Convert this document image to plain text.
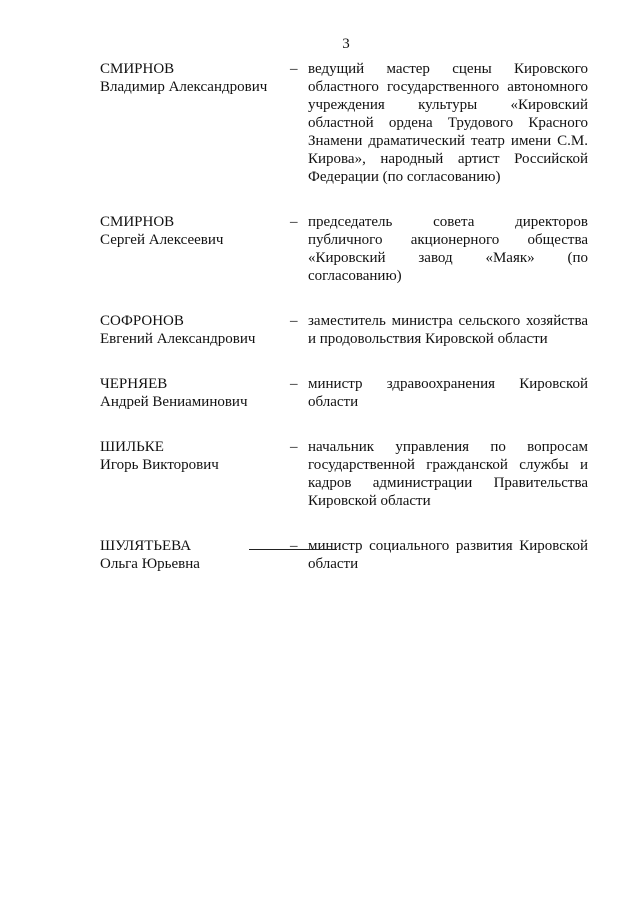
3
СМИРНОВ
Владимир Александрович
– ведущий мастер сцены Кировского областного государственного автономного учреждения культуры «Кировский областной ордена Трудового Красного Знамени драматический театр имени С.М. Кирова», народный артист Российской Федерации (по согласованию)
СМИРНОВ
Сергей Алексеевич
– председатель совета директоров публичного акционерного общества «Кировский завод «Маяк» (по согласованию)
СОФРОНОВ
Евгений Александрович
– заместитель министра сельского хозяйства и продовольствия Кировской области
ЧЕРНЯЕВ
Андрей Вениаминович
– министр здравоохранения Кировской области
ШИЛЬКЕ
Игорь Викторович
– начальник управления по вопросам государственной гражданской службы и кадров администрации Правительства Кировской области
ШУЛЯТЬЕВА
Ольга Юрьевна
– министр социального развития Кировской области
